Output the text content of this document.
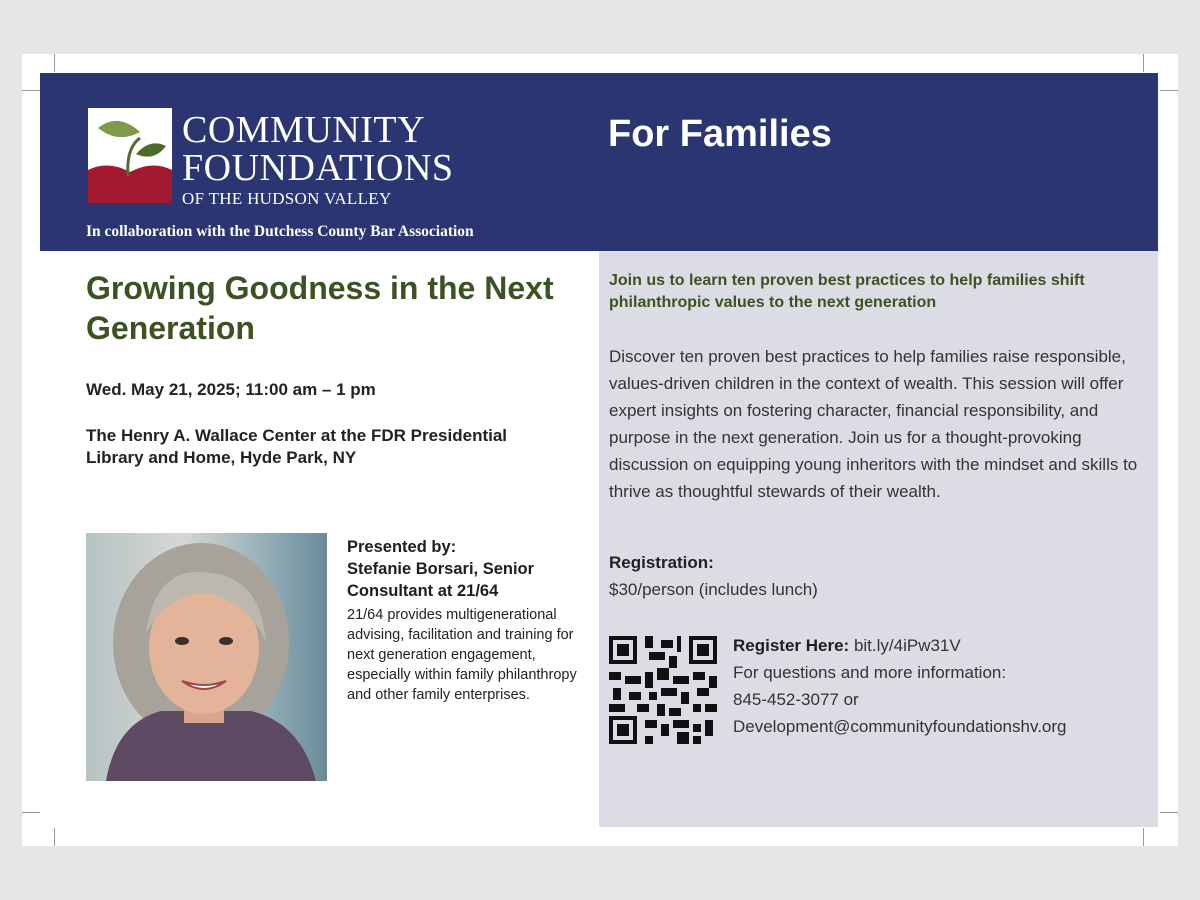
COMMUNITY
FOUNDATIONS
OF THE HUDSON VALLEY
In collaboration with the Dutchess County Bar Association
For Families
Growing Goodness in the Next Generation
Wed. May 21, 2025; 11:00 am – 1 pm
The Henry A. Wallace Center at the FDR Presidential Library and Home, Hyde Park, NY
Presented by:
Stefanie Borsari, Senior Consultant at 21/64
21/64 provides multigenerational advising, facilitation and training for next generation engagement, especially within family philanthropy and other family enterprises.
Join us to learn ten proven best practices to help families shift philanthropic values to the next generation
Discover ten proven best practices to help families raise responsible, values-driven children in the context of wealth. This session will offer expert insights on fostering character, financial responsibility, and purpose in the next generation. Join us for a thought-provoking discussion on equipping young inheritors with the mindset and skills to thrive as thoughtful stewards of their wealth.
Registration:
$30/person (includes lunch)
Register Here: bit.ly/4iPw31V
For questions and more information:
845-452-3077 or
Development@communityfoundationshv.org
